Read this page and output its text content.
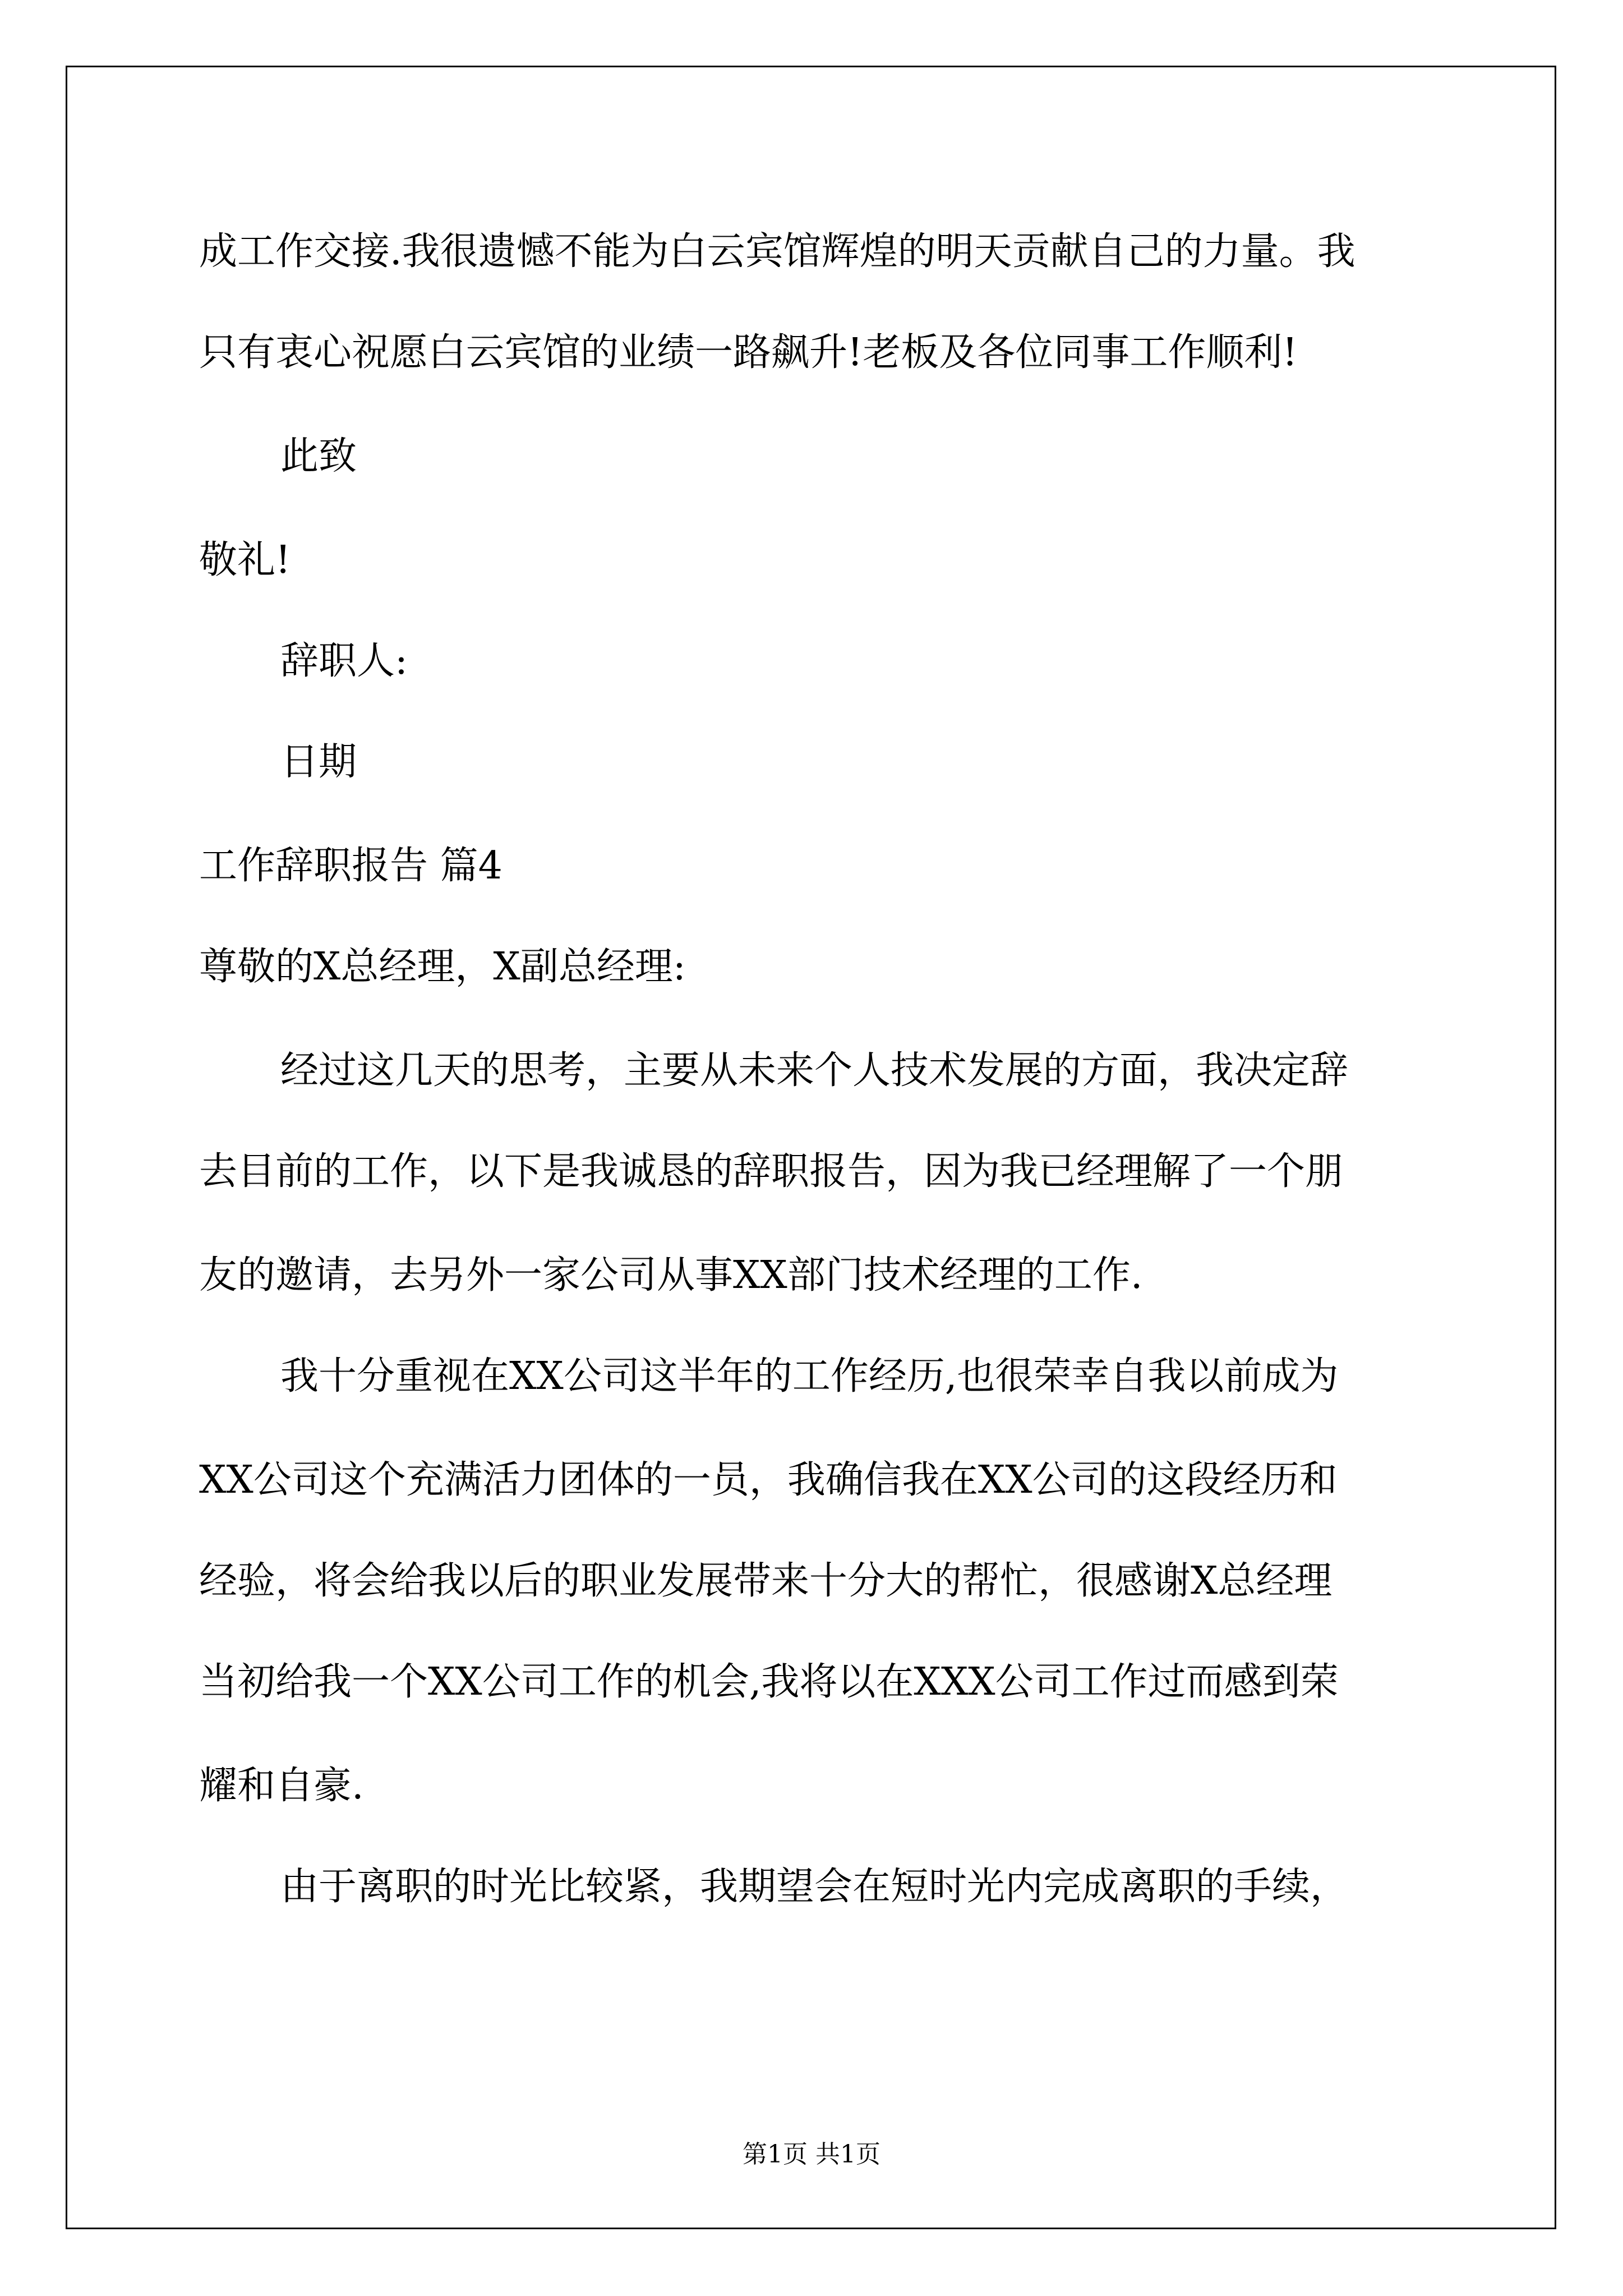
成工作交接.我很遗憾不能为白云宾馆辉煌的明天贡献自己的力量。我
只有衷心祝愿白云宾馆的业绩一路飙升!老板及各位同事工作顺利!
此致
敬礼!
辞职人:
日期
工作辞职报告 篇4
尊敬的X总经理，X副总经理:
经过这几天的思考，主要从未来个人技术发展的方面，我决定辞
去目前的工作，以下是我诚恳的辞职报告，因为我已经理解了一个朋
友的邀请，去另外一家公司从事XX部门技术经理的工作.
我十分重视在XX公司这半年的工作经历,也很荣幸自我以前成为
XX公司这个充满活力团体的一员，我确信我在XX公司的这段经历和
经验，将会给我以后的职业发展带来十分大的帮忙，很感谢X总经理
当初给我一个XX公司工作的机会,我将以在XXX公司工作过而感到荣
耀和自豪.
由于离职的时光比较紧，我期望会在短时光内完成离职的手续，
第1页 共1页
